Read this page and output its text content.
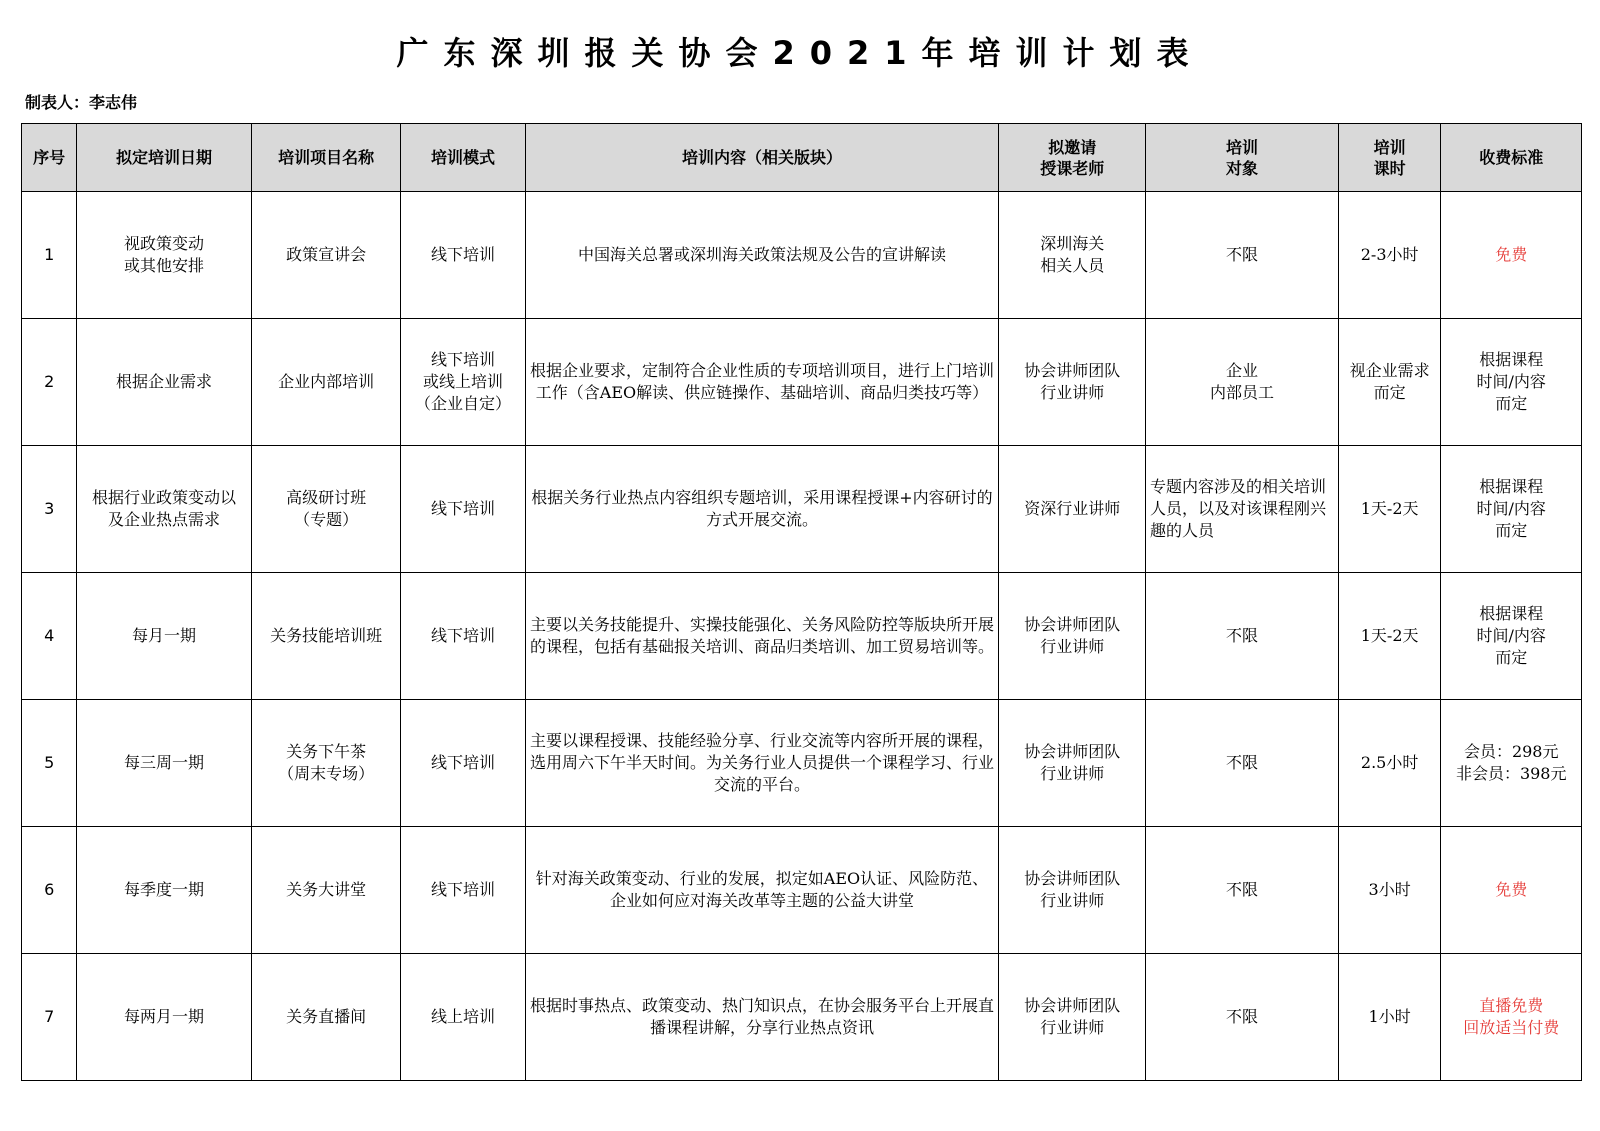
广东深圳报关协会2021年培训计划表
制表人：李志伟
序号	拟定培训日期	培训项目名称	培训模式	培训内容（相关版块）	拟邀请
授课老师	培训
对象	培训
课时	收费标准

1	视政策变动
或其他安排	政策宣讲会	线下培训	中国海关总署或深圳海关政策法规及公告的宣讲解读	深圳海关
相关人员	不限	2-3小时	免费

2	根据企业需求	企业内部培训	线下培训
或线上培训
（企业自定）	根据企业要求，定制符合企业性质的专项培训项目，进行上门培训工作（含AEO解读、供应链操作、基础培训、商品归类技巧等）	协会讲师团队
行业讲师	企业
内部员工	视企业需求
而定	根据课程
时间/内容
而定

3	根据行业政策变动以
及企业热点需求	高级研讨班
（专题）	线下培训	根据关务行业热点内容组织专题培训，采用课程授课+内容研讨的方式开展交流。	资深行业讲师	专题内容涉及的相关培训人员，以及对该课程刚兴趣的人员	1天-2天	根据课程
时间/内容
而定

4	每月一期	关务技能培训班	线下培训	主要以关务技能提升、实操技能强化、关务风险防控等版块所开展的课程，包括有基础报关培训、商品归类培训、加工贸易培训等。	协会讲师团队
行业讲师	不限	1天-2天	根据课程
时间/内容
而定

5	每三周一期	关务下午茶
（周末专场）	线下培训	主要以课程授课、技能经验分享、行业交流等内容所开展的课程，选用周六下午半天时间。为关务行业人员提供一个课程学习、行业交流的平台。	协会讲师团队
行业讲师	不限	2.5小时	会员：298元
非会员：398元

6	每季度一期	关务大讲堂	线下培训	针对海关政策变动、行业的发展，拟定如AEO认证、风险防范、企业如何应对海关改革等主题的公益大讲堂	协会讲师团队
行业讲师	不限	3小时	免费

7	每两月一期	关务直播间	线上培训	根据时事热点、政策变动、热门知识点，在协会服务平台上开展直播课程讲解，分享行业热点资讯	协会讲师团队
行业讲师	不限	1小时	直播免费
回放适当付费
